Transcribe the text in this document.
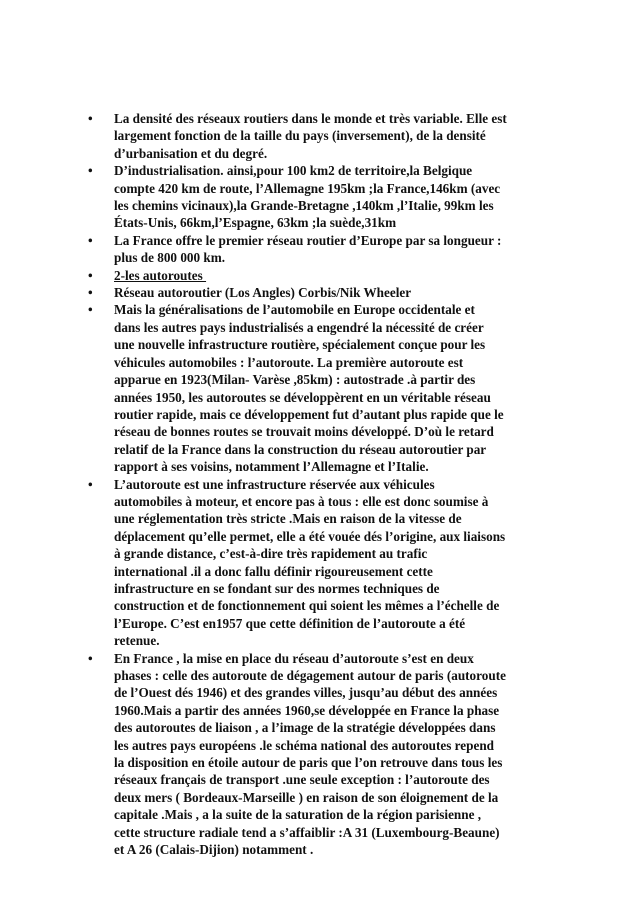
•	La densité des réseaux routiers dans le monde et très variable. Elle est
largement fonction de la taille du pays (inversement), de la densité
d’urbanisation et du degré.
•	D’industrialisation. ainsi,pour 100 km2 de territoire,la Belgique
compte 420 km de route, l’Allemagne 195km ;la France,146km (avec
les chemins vicinaux),la Grande-Bretagne ,140km ,l’Italie, 99km les
États-Unis, 66km,l’Espagne, 63km ;la suède,31km
•	La France offre le premier réseau routier d’Europe par sa longueur :
plus de 800 000 km.
•	2-les autoroutes
•	Réseau autoroutier (Los Angles) Corbis/Nik Wheeler
•	Mais la généralisations de l’automobile en Europe occidentale et
dans les autres pays industrialisés a engendré la nécessité de créer
une nouvelle infrastructure routière, spécialement conçue pour les
véhicules automobiles : l’autoroute. La première autoroute est
apparue en 1923(Milan- Varèse ,85km) : autostrade .à partir des
années 1950, les autoroutes se développèrent en un véritable réseau
routier rapide, mais ce développement fut d’autant plus rapide que le
réseau de bonnes routes se trouvait moins développé. D’où le retard
relatif de la France dans la construction du réseau autoroutier par
rapport à ses voisins, notamment l’Allemagne et l’Italie.
•	L’autoroute est une infrastructure réservée aux véhicules
automobiles à moteur, et encore pas à tous : elle est donc soumise à
une réglementation très stricte .Mais en raison de la vitesse de
déplacement qu’elle permet, elle a été vouée dés l’origine, aux liaisons
à grande distance, c’est-à-dire très rapidement au trafic
international .il a donc fallu définir rigoureusement cette
infrastructure en se fondant sur des normes techniques de
construction et de fonctionnement qui soient les mêmes a l’échelle de
l’Europe. C’est en1957 que cette définition de l’autoroute a été
retenue.
•	En France , la mise en place du réseau d’autoroute s’est en deux
phases : celle des autoroute de dégagement autour de paris (autoroute
de l’Ouest dés 1946) et des grandes villes, jusqu’au début des années
1960.Mais a partir des années 1960,se développée en France la phase
des autoroutes de liaison , a l’image de la stratégie développées dans
les autres pays européens .le schéma national des autoroutes repend
la disposition en étoile autour de paris que l’on retrouve dans tous les
réseaux français de transport .une seule exception : l’autoroute des
deux mers ( Bordeaux-Marseille ) en raison de son éloignement de la
capitale .Mais , a la suite de la saturation de la région parisienne ,
cette structure radiale tend a s’affaiblir :A 31 (Luxembourg-Beaune)
et A 26 (Calais-Dijion) notamment .
